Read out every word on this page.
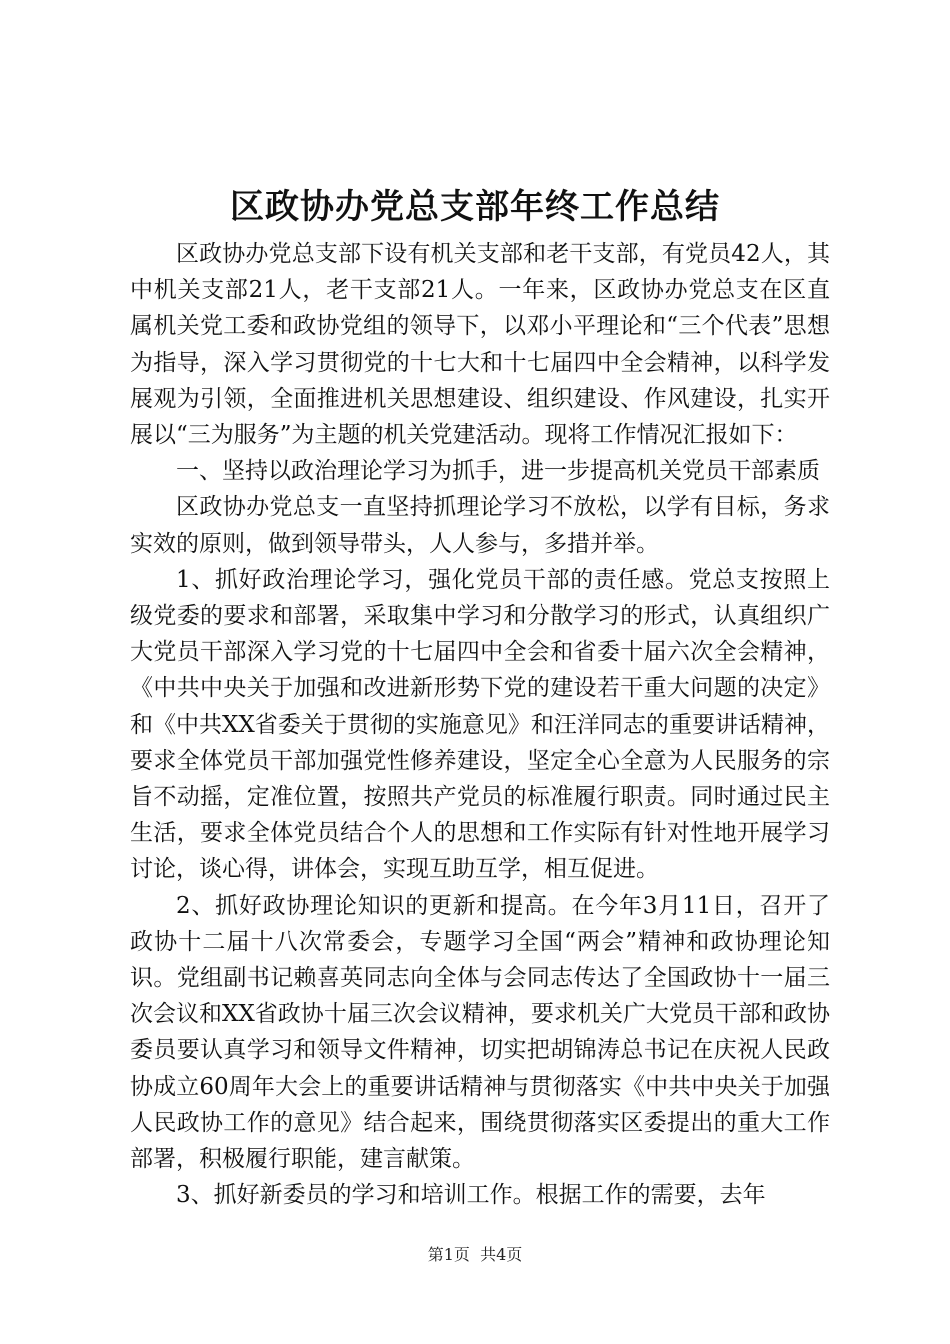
区政协办党总支部年终工作总结

区政协办党总支部下设有机关支部和老干支部，有党员42人，其中机关支部21人，老干支部21人。一年来，区政协办党总支在区直属机关党工委和政协党组的领导下，以邓小平理论和“三个代表”思想为指导，深入学习贯彻党的十七大和十七届四中全会精神，以科学发展观为引领，全面推进机关思想建设、组织建设、作风建设，扎实开展以“三为服务”为主题的机关党建活动。现将工作情况汇报如下：

一、坚持以政治理论学习为抓手，进一步提高机关党员干部素质

区政协办党总支一直坚持抓理论学习不放松，以学有目标，务求实效的原则，做到领导带头，人人参与，多措并举。

1、抓好政治理论学习，强化党员干部的责任感。党总支按照上级党委的要求和部署，采取集中学习和分散学习的形式，认真组织广大党员干部深入学习党的十七届四中全会和省委十届六次全会精神，《中共中央关于加强和改进新形势下党的建设若干重大问题的决定》和《中共XX省委关于贯彻的实施意见》和汪洋同志的重要讲话精神，要求全体党员干部加强党性修养建设，坚定全心全意为人民服务的宗旨不动摇，定准位置，按照共产党员的标准履行职责。同时通过民主生活，要求全体党员结合个人的思想和工作实际有针对性地开展学习讨论，谈心得，讲体会，实现互助互学，相互促进。

2、抓好政协理论知识的更新和提高。在今年3月11日，召开了政协十二届十八次常委会，专题学习全国“两会”精神和政协理论知识。党组副书记赖喜英同志向全体与会同志传达了全国政协十一届三次会议和XX省政协十届三次会议精神，要求机关广大党员干部和政协委员要认真学习和领导文件精神，切实把胡锦涛总书记在庆祝人民政协成立60周年大会上的重要讲话精神与贯彻落实《中共中央关于加强人民政协工作的意见》结合起来，围绕贯彻落实区委提出的重大工作部署，积极履行职能，建言献策。

3、抓好新委员的学习和培训工作。根据工作的需要，去年

第1页 共4页
